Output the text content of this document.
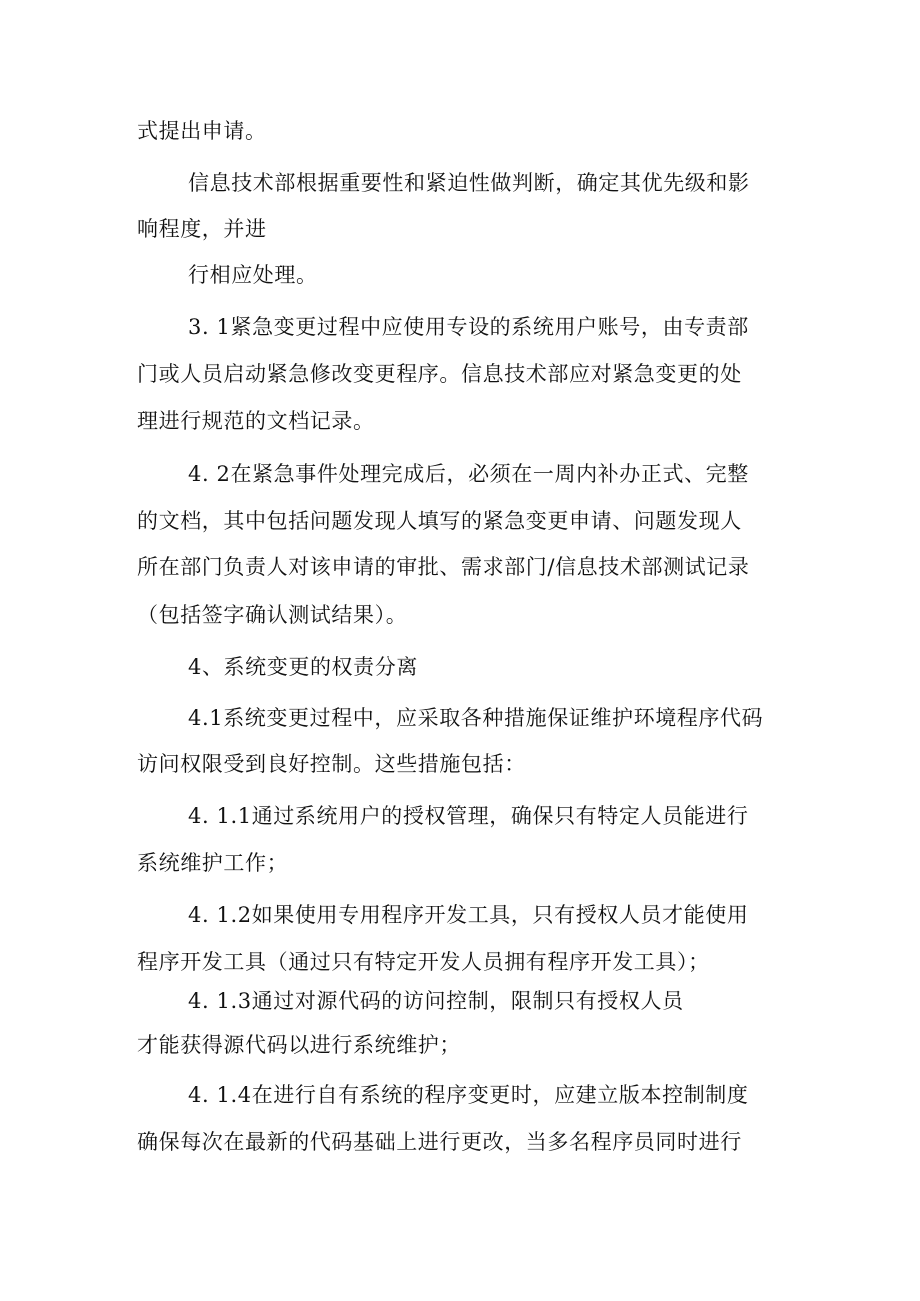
式提出申请。
信息技术部根据重要性和紧迫性做判断，确定其优先级和影
响程度，并进
行相应处理。
3. 1紧急变更过程中应使用专设的系统用户账号，由专责部
门或人员启动紧急修改变更程序。信息技术部应对紧急变更的处
理进行规范的文档记录。
4. 2在紧急事件处理完成后，必须在一周内补办正式、完整
的文档，其中包括问题发现人填写的紧急变更申请、问题发现人
所在部门负责人对该申请的审批、需求部门/信息技术部测试记录
（包括签字确认测试结果）。
4、系统变更的权责分离
4.1系统变更过程中，应采取各种措施保证维护环境程序代码
访问权限受到良好控制。这些措施包括：
4. 1.1通过系统用户的授权管理，确保只有特定人员能进行
系统维护工作；
4. 1.2如果使用专用程序开发工具，只有授权人员才能使用
程序开发工具（通过只有特定开发人员拥有程序开发工具）；
4. 1.3通过对源代码的访问控制，限制只有授权人员
才能获得源代码以进行系统维护；
4. 1.4在进行自有系统的程序变更时，应建立版本控制制度
确保每次在最新的代码基础上进行更改，当多名程序员同时进行
